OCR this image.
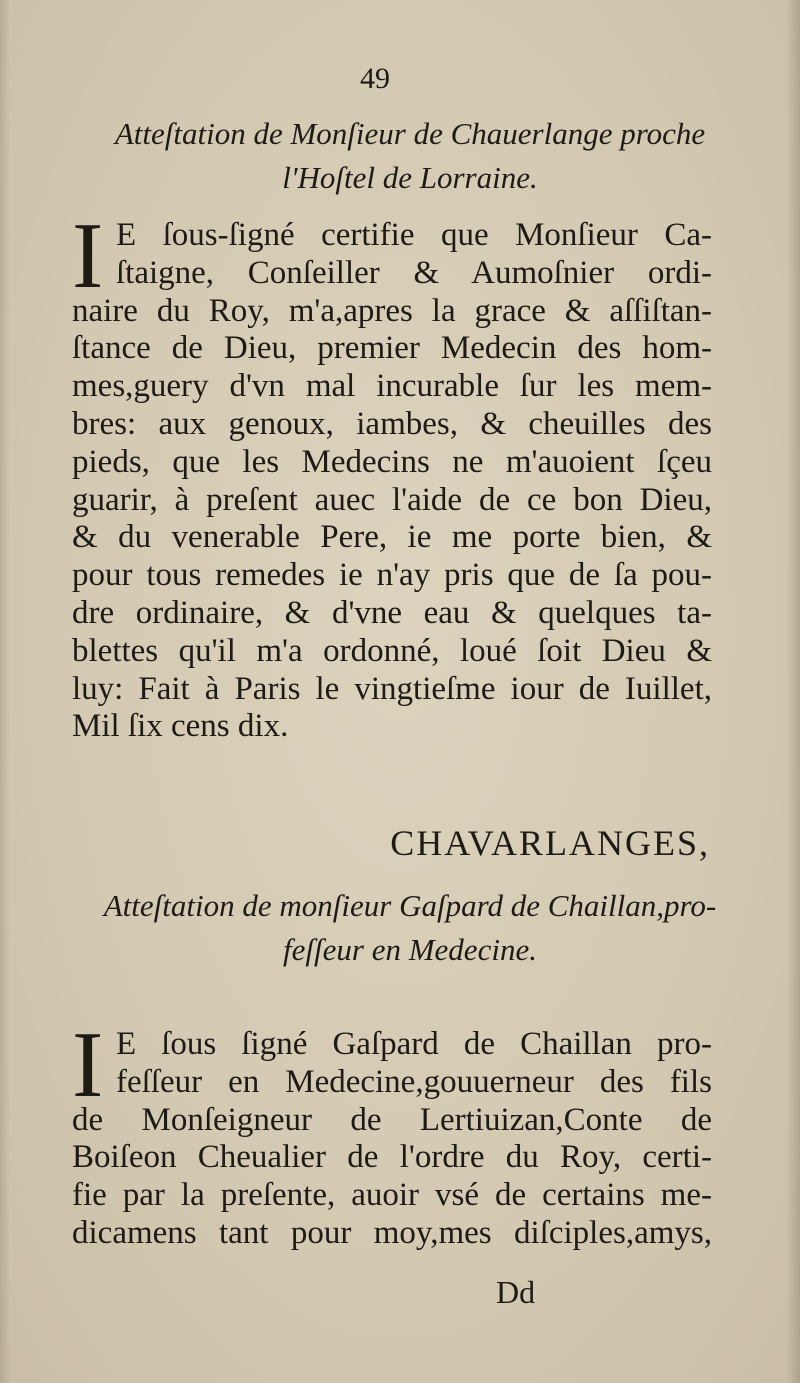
49
Atteſtation de Monſieur de Chauerlange proche
l'Hoſtel de Lorraine.
I E ſous-ſigné certifie que Monſieur Ca-
ſtaigne, Conſeiller & Aumoſnier ordi-
naire du Roy, m'a,apres la grace & aſſiſtan-
ſtance de Dieu, premier Medecin des hom-
mes,guery d'vn mal incurable ſur les mem-
bres: aux genoux, iambes, & cheuilles des
pieds, que les Medecins ne m'auoient ſçeu
guarir, à preſent auec l'aide de ce bon Dieu,
& du venerable Pere, ie me porte bien, &
pour tous remedes ie n'ay pris que de ſa pou-
dre ordinaire, & d'vne eau & quelques ta-
blettes qu'il m'a ordonné, loué ſoit Dieu &
luy: Fait à Paris le vingtieſme iour de Iuillet,
Mil ſix cens dix.
CHAVARLANGES,
Atteſtation de monſieur Gaſpard de Chaillan,pro-
feſſeur en Medecine.
I E ſous ſigné Gaſpard de Chaillan pro-
feſſeur en Medecine,gouuerneur des fils
de Monſeigneur de Lertiuizan,Conte de
Boiſeon Cheualier de l'ordre du Roy, certi-
fie par la preſente, auoir vsé de certains me-
dicamens tant pour moy,mes diſciples,amys,
Dd
